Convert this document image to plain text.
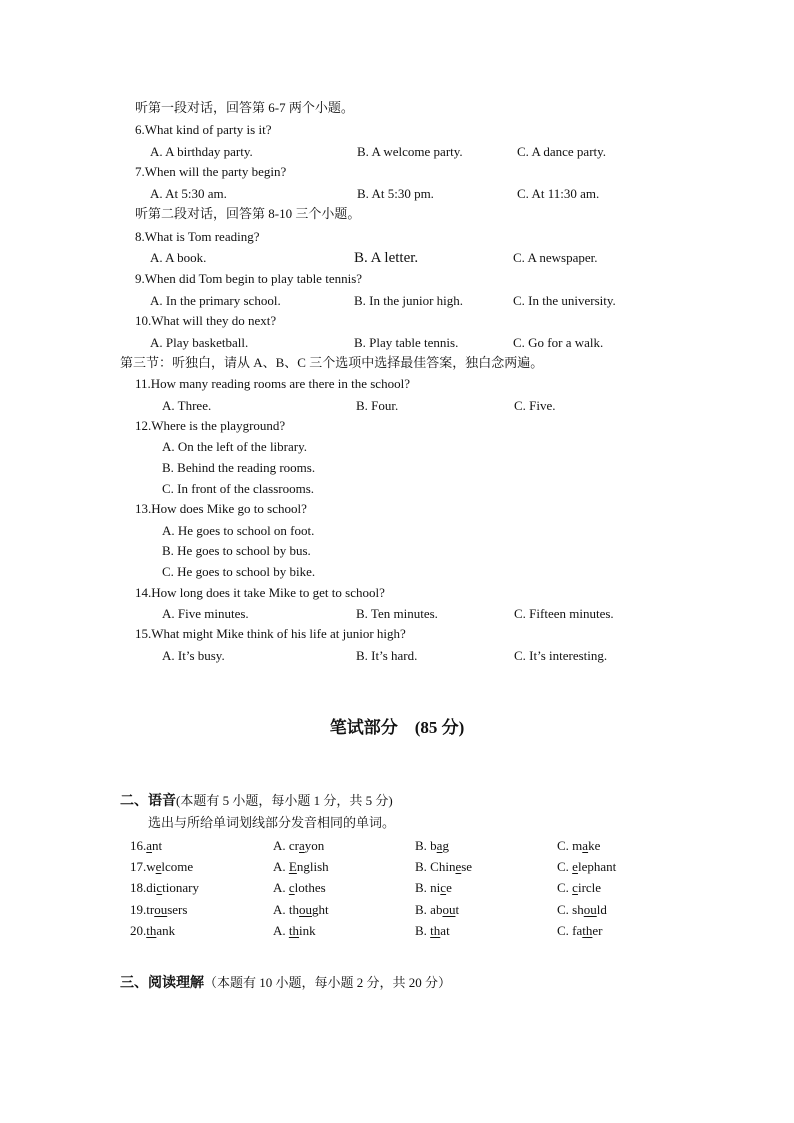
听第一段对话，回答第 6-7 两个小题。
6.What kind of party is it?
A. A birthday party.	B. A welcome party.	C. A dance party.
7.When will the party begin?
A. At 5:30 am.	B. At 5:30 pm.	C. At 11:30 am.
听第二段对话，回答第 8-10 三个小题。
8.What is Tom reading?
A. A book.	B. A letter.	C. A newspaper.
9.When did Tom begin to play table tennis?
A. In the primary school.	B. In the junior high.	C. In the university.
10.What will they do next?
A. Play basketball.	B. Play table tennis.	C. Go for a walk.
第三节：听独白，请从 A、B、C 三个选项中选择最佳答案，独白念两遍。
11.How many reading rooms are there in the school?
A. Three.	B. Four.	C. Five.
12.Where is the playground?
A. On the left of the library.
B. Behind the reading rooms.
C. In front of the classrooms.
13.How does Mike go to school?
A. He goes to school on foot.
B. He goes to school by bus.
C. He goes to school by bike.
14.How long does it take Mike to get to school?
A. Five minutes.	B. Ten minutes.	C. Fifteen minutes.
15.What might Mike think of his life at junior high?
A. It’s busy.	B. It’s hard.	C. It’s interesting.
笔试部分　(85 分)
二、语音(本题有 5 小题，每小题 1 分，共 5 分)
选出与所给单词划线部分发音相同的单词。
16.ant	A. crayon	B. bag	C. make
17.welcome	A. English	B. Chinese	C. elephant
18.dictionary	A. clothes	B. nice	C. circle
19.trousers	A. thought	B. about	C. should
20.thank	A. think	B. that	C. father
三、阅读理解（本题有 10 小题，每小题 2 分，共 20 分）
